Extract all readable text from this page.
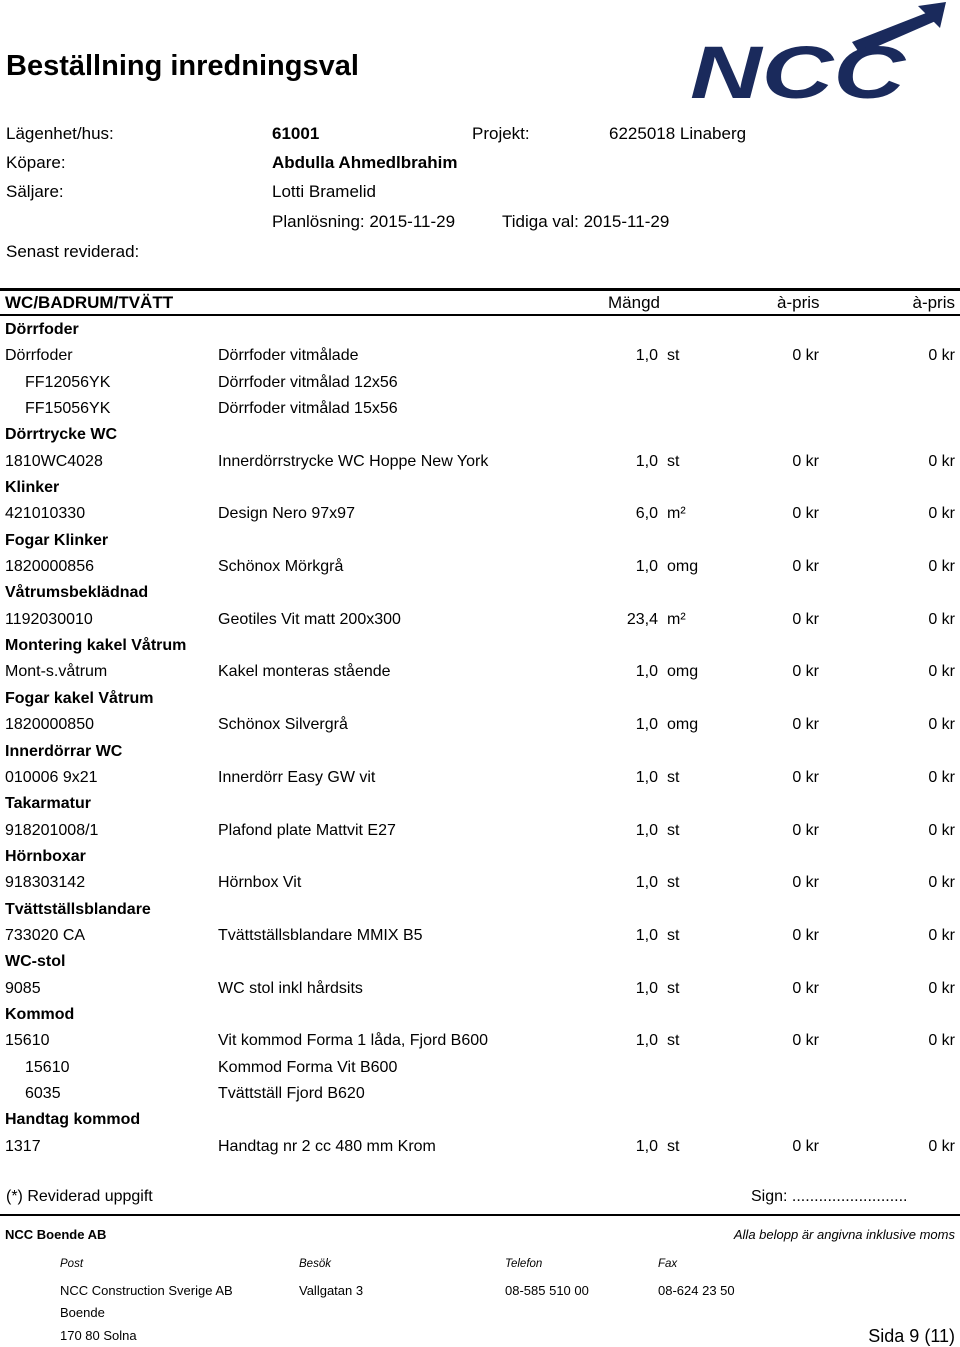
Beställning inredningsval	NCC
Lägenhet/hus:	61001	Projekt:	6225018 Linaberg
Köpare:	Abdulla Ahmedlbrahim
Säljare:	Lotti Bramelid
Planlösning: 2015-11-29	Tidiga val: 2015-11-29
Senast reviderad:
WC/BADRUM/TVÄTT	Mängd	à-pris	à-pris
Dörrfoder
Dörrfoder	Dörrfoder vitmålade	1,0 st	0 kr	0 kr
FF12056YK	Dörrfoder vitmålad 12x56
FF15056YK	Dörrfoder vitmålad 15x56
Dörrtrycke WC
1810WC4028	Innerdörrstrycke WC Hoppe New York	1,0 st	0 kr	0 kr
Klinker
421010330	Design Nero 97x97	6,0 m²	0 kr	0 kr
Fogar Klinker
1820000856	Schönox Mörkgrå	1,0 omg	0 kr	0 kr
Våtrumsbeklädnad
1192030010	Geotiles Vit matt 200x300	23,4 m²	0 kr	0 kr
Montering kakel Våtrum
Mont-s.våtrum	Kakel monteras stående	1,0 omg	0 kr	0 kr
Fogar kakel Våtrum
1820000850	Schönox Silvergrå	1,0 omg	0 kr	0 kr
Innerdörrar WC
010006 9x21	Innerdörr Easy GW vit	1,0 st	0 kr	0 kr
Takarmatur
918201008/1	Plafond plate Mattvit E27	1,0 st	0 kr	0 kr
Hörnboxar
918303142	Hörnbox Vit	1,0 st	0 kr	0 kr
Tvättställsblandare
733020 CA	Tvättställsblandare MMIX B5	1,0 st	0 kr	0 kr
WC-stol
9085	WC stol inkl hårdsits	1,0 st	0 kr	0 kr
Kommod
15610	Vit kommod Forma 1 låda, Fjord B600	1,0 st	0 kr	0 kr
15610	Kommod Forma Vit B600
6035	Tvättställ Fjord B620
Handtag kommod
1317	Handtag nr 2 cc 480 mm Krom	1,0 st	0 kr	0 kr
(*) Reviderad uppgift	Sign: ..........................
NCC Boende AB	Alla belopp är angivna inklusive moms
Post
NCC Construction Sverige AB
Boende
170 80 Solna
Besök
Vallgatan 3
Telefon
08-585 510 00
Fax
08-624 23 50
Sida 9 (11)
